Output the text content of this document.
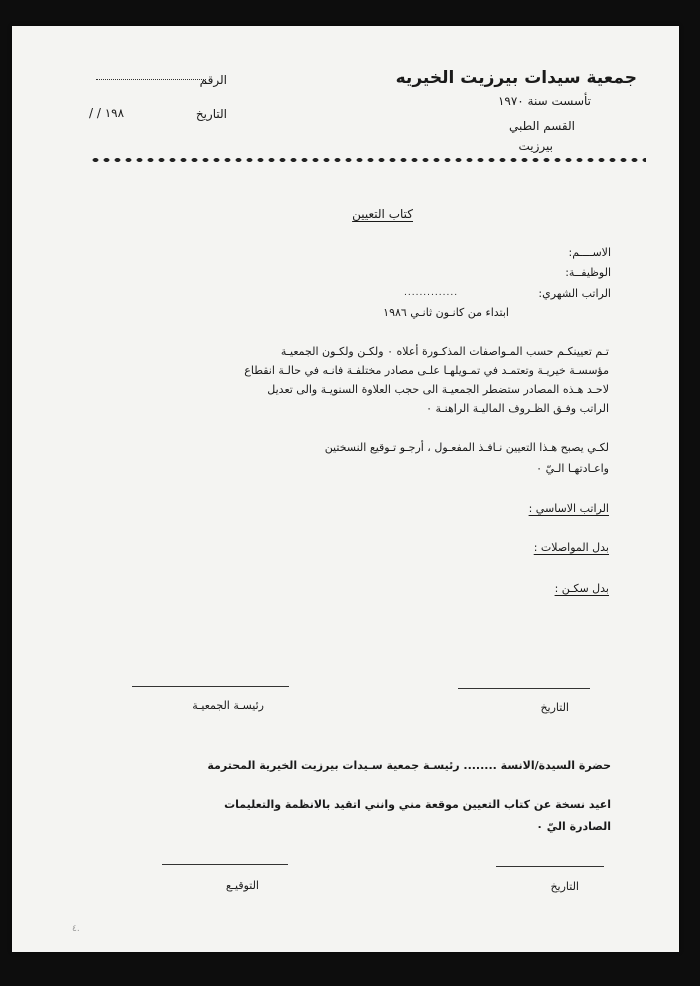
جمعية سيدات بيرزيت الخيريه
تأسست سنة ١٩٧٠
القسم الطبي
بيرزيت
الرقم
التاريخ
/ / ١٩٨
كتاب التعيين
الاســــم:
الوظيفــة:
الراتب الشهري:
..............
ابتداء من كانـون ثانـي ١٩٨٦
تـم تعيينكـم حسب المـواصفات المذكـورة أعلاه ٠ ولكـن ولكـون الجمعيـة
مؤسسـة خيريـة وتعتمـد في تمـويلهـا علـى مصادر مختلفـة فانـه في حالـة انقطاع
لاحـد هـذه المصادر ستضطر الجمعيـة الى حجب العلاوة السنويـة والى تعديل
الراتب وفـق الظـروف الماليـة الراهنـة ٠
لكـي يصبح هـذا التعيين نـافـذ المفعـول ، أرجـو تـوقيع النسختين
واعـادتهـا الـيّ ٠
الراتب الاساسي :
بدل المواصلات :
بدل سكـن :
رئيسـة الجمعيـة	التاريخ
حضرة السيدة/الانسة ........ رئيسـة جمعية سـيدات بيرزيت الخيرية المحترمة
اعيد نسخة عن كتاب التعيين موقعة مني وانني اتقيد بالانظمة والتعليمات
الصادرة اليّ ٠
التوقيـع	التاريخ
٤.
